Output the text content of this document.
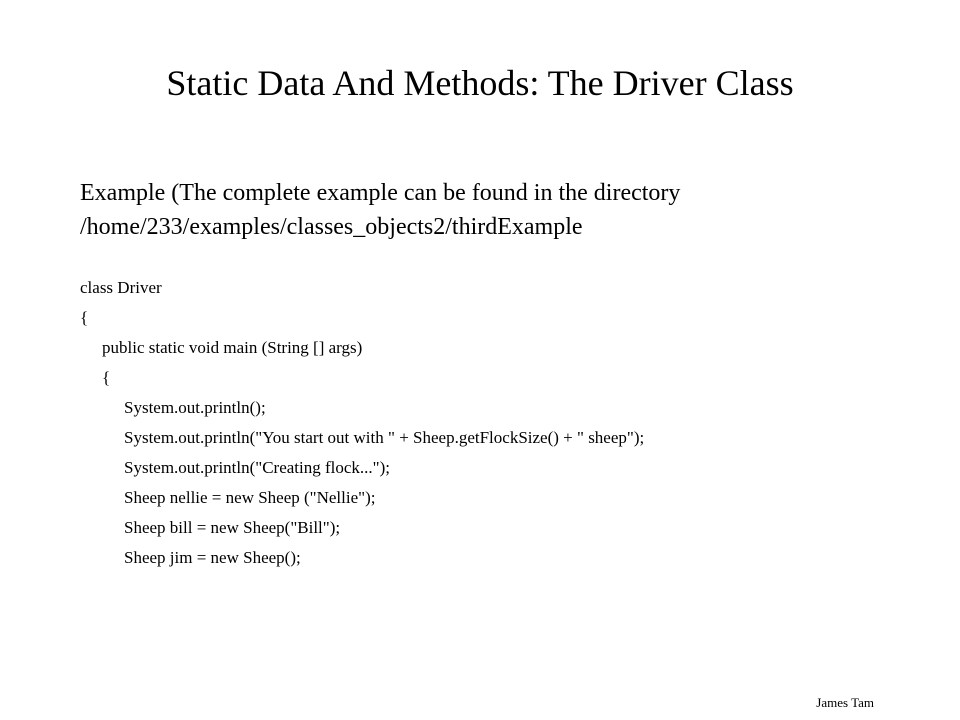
Static Data And Methods: The Driver Class
Example (The complete example can be found in the directory
/home/233/examples/classes_objects2/thirdExample
class Driver
{
public static void main (String [] args)
{
System.out.println();
System.out.println("You start out with " + Sheep.getFlockSize() + " sheep");
System.out.println("Creating flock...");
Sheep nellie = new Sheep ("Nellie");
Sheep bill = new Sheep("Bill");
Sheep jim = new Sheep();
James Tam
